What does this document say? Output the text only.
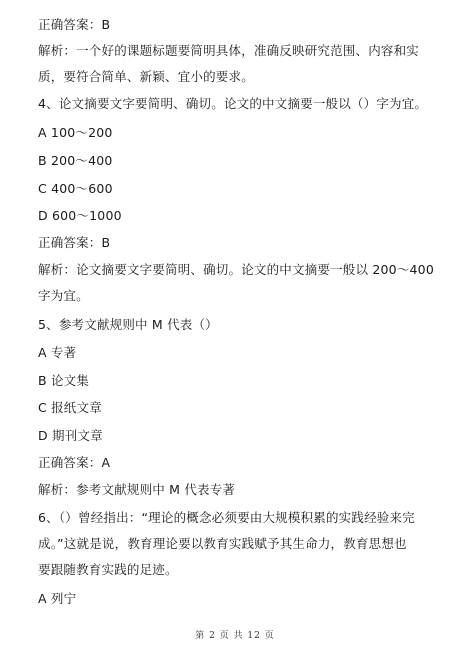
正确答案：B
解析：一个好的课题标题要简明具体，准确反映研究范围、内容和实
质，要符合简单、新颖、宜小的要求。
4、论文摘要文字要简明、确切。论文的中文摘要一般以（）字为宜。
A 100～200
B 200～400
C 400～600
D 600～1000
正确答案：B
解析：论文摘要文字要简明、确切。论文的中文摘要一般以 200～400
字为宜。
5、参考文献规则中 M 代表（）
A 专著
B 论文集
C 报纸文章
D 期刊文章
正确答案：A
解析：参考文献规则中 M 代表专著
6、（）曾经指出：“理论的概念必须要由大规模积累的实践经验来完
成。”这就是说，教育理论要以教育实践赋予其生命力，教育思想也
要跟随教育实践的足迹。
A 列宁
第 2 页 共 12 页
